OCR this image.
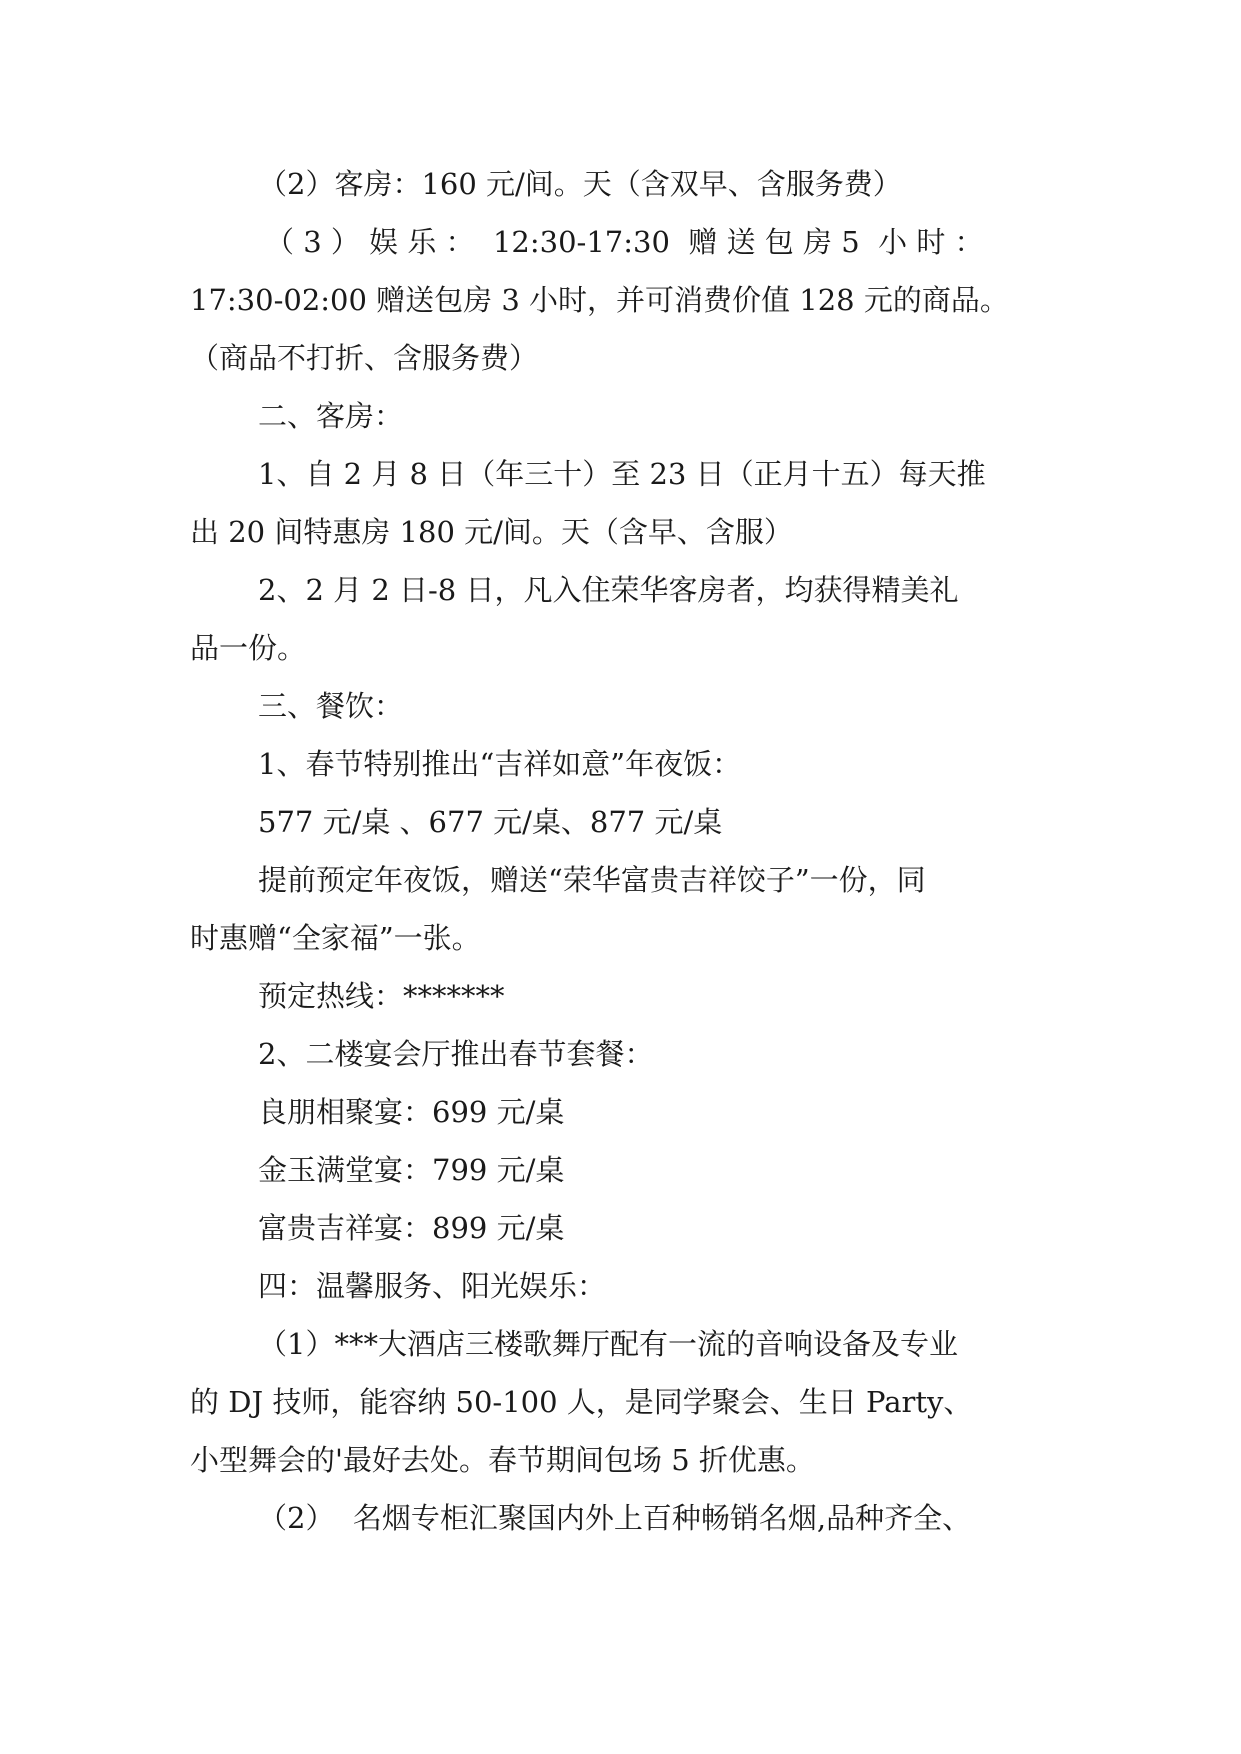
（2）客房：160 元/间。天（含双早、含服务费）
（ 3 ） 娱 乐 ：  12:30-17:30  赠 送 包 房 5  小 时 ：
17:30-02:00 赠送包房 3 小时，并可消费价值 128 元的商品。
（商品不打折、含服务费）
二、客房：
1、自 2 月 8 日（年三十）至 23 日（正月十五）每天推
出 20 间特惠房 180 元/间。天（含早、含服）
2、2 月 2 日-8 日，凡入住荣华客房者，均获得精美礼
品一份。
三、餐饮：
1、春节特别推出“吉祥如意”年夜饭：
577 元/桌 、677 元/桌、877 元/桌
提前预定年夜饭，赠送“荣华富贵吉祥饺子”一份，同
时惠赠“全家福”一张。
预定热线：*******
2、二楼宴会厅推出春节套餐：
良朋相聚宴：699 元/桌
金玉满堂宴：799 元/桌
富贵吉祥宴：899 元/桌
四：温馨服务、阳光娱乐：
（1）***大酒店三楼歌舞厅配有一流的音响设备及专业
的 DJ 技师，能容纳 50-100 人，是同学聚会、生日 Party、
小型舞会的'最好去处。春节期间包场 5 折优惠。
（2）  名烟专柜汇聚国内外上百种畅销名烟,品种齐全、
